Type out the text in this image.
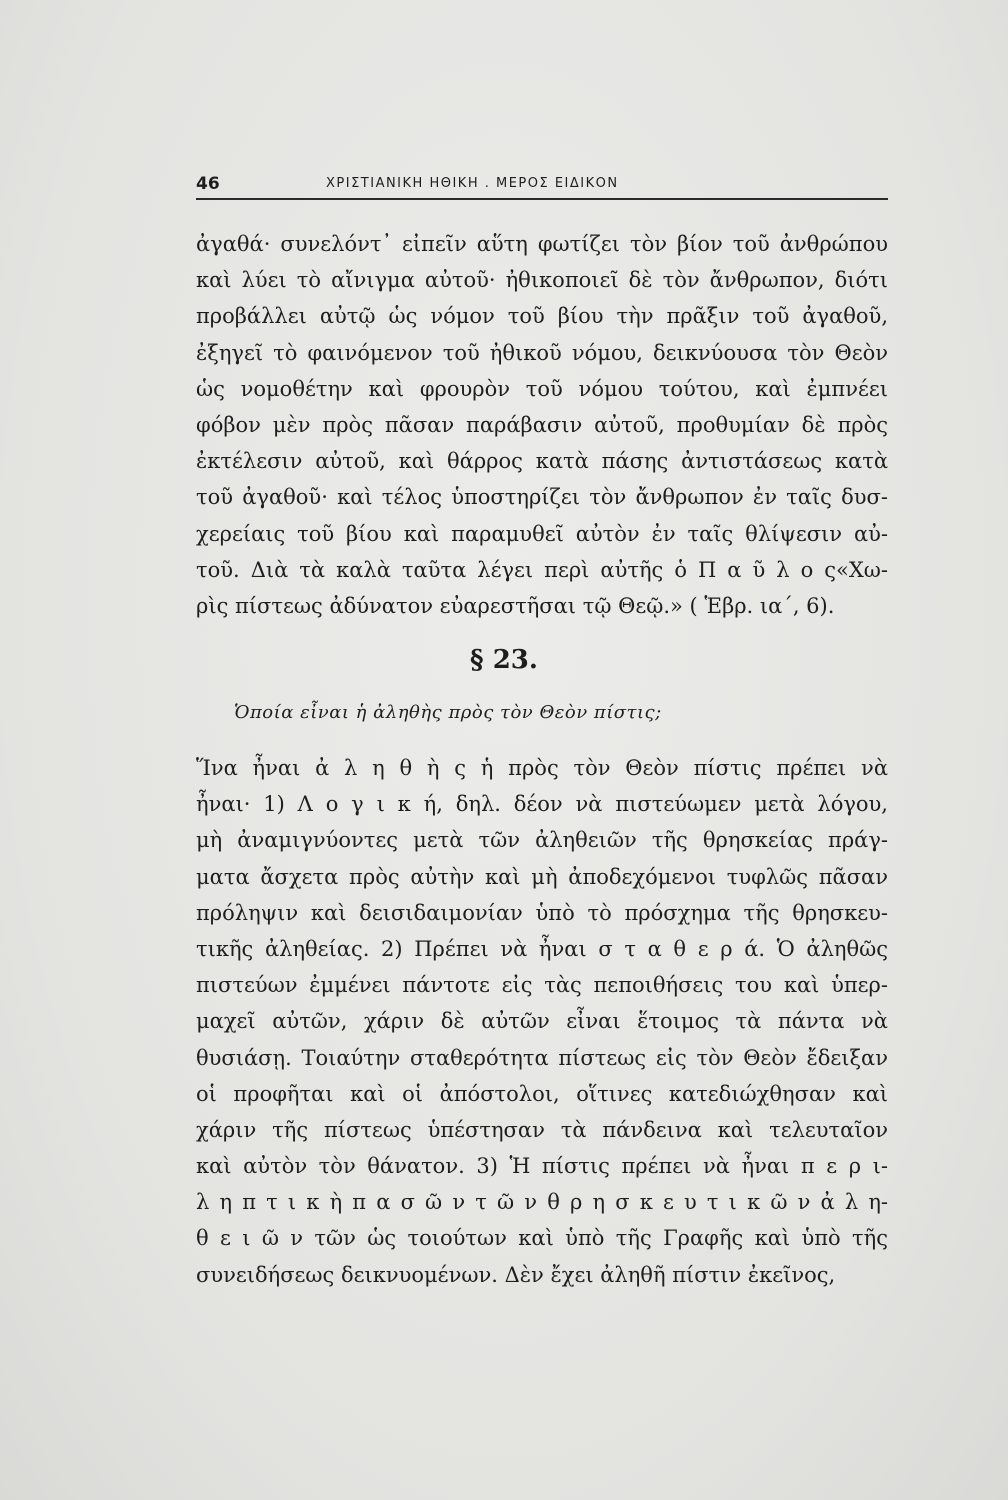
46	ΧΡΙΣΤΙΑΝΙΚΗ ΗΘΙΚΗ . ΜΕΡΟΣ ΕΙΔΙΚΟΝ
ἀγαθά· συνελόντ᾽ εἰπεῖν αὕτη φωτίζει τὸν βίον τοῦ ἀνθρώπου
καὶ λύει τὸ αἴνιγμα αὐτοῦ· ἠθικοποιεῖ δὲ τὸν ἄνθρωπον, διότι
προβάλλει αὐτῷ ὡς νόμον τοῦ βίου τὴν πρᾶξιν τοῦ ἀγαθοῦ,
ἐξηγεῖ τὸ φαινόμενον τοῦ ἠθικοῦ νόμου, δεικνύουσα τὸν Θεὸν
ὡς νομοθέτην καὶ φρουρὸν τοῦ νόμου τούτου, καὶ ἐμπνέει
φόβον μὲν πρὸς πᾶσαν παράβασιν αὐτοῦ, προθυμίαν δὲ πρὸς
ἐκτέλεσιν αὐτοῦ, καὶ θάρρος κατὰ πάσης ἀντιστάσεως κατὰ
τοῦ ἀγαθοῦ· καὶ τέλος ὑποστηρίζει τὸν ἄνθρωπον ἐν ταῖς δυσ-
χερείαις τοῦ βίου καὶ παραμυθεῖ αὐτὸν ἐν ταῖς θλίψεσιν αὐ-
τοῦ. Διὰ τὰ καλὰ ταῦτα λέγει περὶ αὐτῆς ὁ Π α ῦ λ ο ς«Χω-
ρὶς πίστεως ἀδύνατον εὐαρεστῆσαι τῷ Θεῷ.» ( Ἑβρ. ια΄, 6).
§ 23.
Ὁποία εἶναι ἡ ἀληθὴς πρὸς τὸν Θεὸν πίστις;
Ἵνα ἦναι ἀ λ η θ ὴ ς ἡ πρὸς τὸν Θεὸν πίστις πρέπει νὰ
ἦναι· 1) Λ ο γ ι κ ή, δηλ. δέον νὰ πιστεύωμεν μετὰ λόγου,
μὴ ἀναμιγνύοντες μετὰ τῶν ἀληθειῶν τῆς θρησκείας πράγ-
ματα ἄσχετα πρὸς αὐτὴν καὶ μὴ ἀποδεχόμενοι τυφλῶς πᾶσαν
πρόληψιν καὶ δεισιδαιμονίαν ὑπὸ τὸ πρόσχημα τῆς θρησκευ-
τικῆς ἀληθείας. 2) Πρέπει νὰ ἦναι σ τ α θ ε ρ ά. Ὁ ἀληθῶς
πιστεύων ἐμμένει πάντοτε εἰς τὰς πεποιθήσεις του καὶ ὑπερ-
μαχεῖ αὐτῶν, χάριν δὲ αὐτῶν εἶναι ἕτοιμος τὰ πάντα νὰ
θυσιάσῃ. Τοιαύτην σταθερότητα πίστεως εἰς τὸν Θεὸν ἔδειξαν
οἱ προφῆται καὶ οἱ ἀπόστολοι, οἵτινες κατεδιώχθησαν καὶ
χάριν τῆς πίστεως ὑπέστησαν τὰ πάνδεινα καὶ τελευταῖον
καὶ αὐτὸν τὸν θάνατον. 3) Ἡ πίστις πρέπει νὰ ἦναι π ε ρ ι-
λ η π τ ι κ ὴ π α σ ῶ ν τ ῶ ν θ ρ η σ κ ε υ τ ι κ ῶ ν ἀ λ η-
θ ε ι ῶ ν τῶν ὡς τοιούτων καὶ ὑπὸ τῆς Γραφῆς καὶ ὑπὸ τῆς
συνειδήσεως δεικνυομένων. Δὲν ἔχει ἀληθῆ πίστιν ἐκεῖνος,
